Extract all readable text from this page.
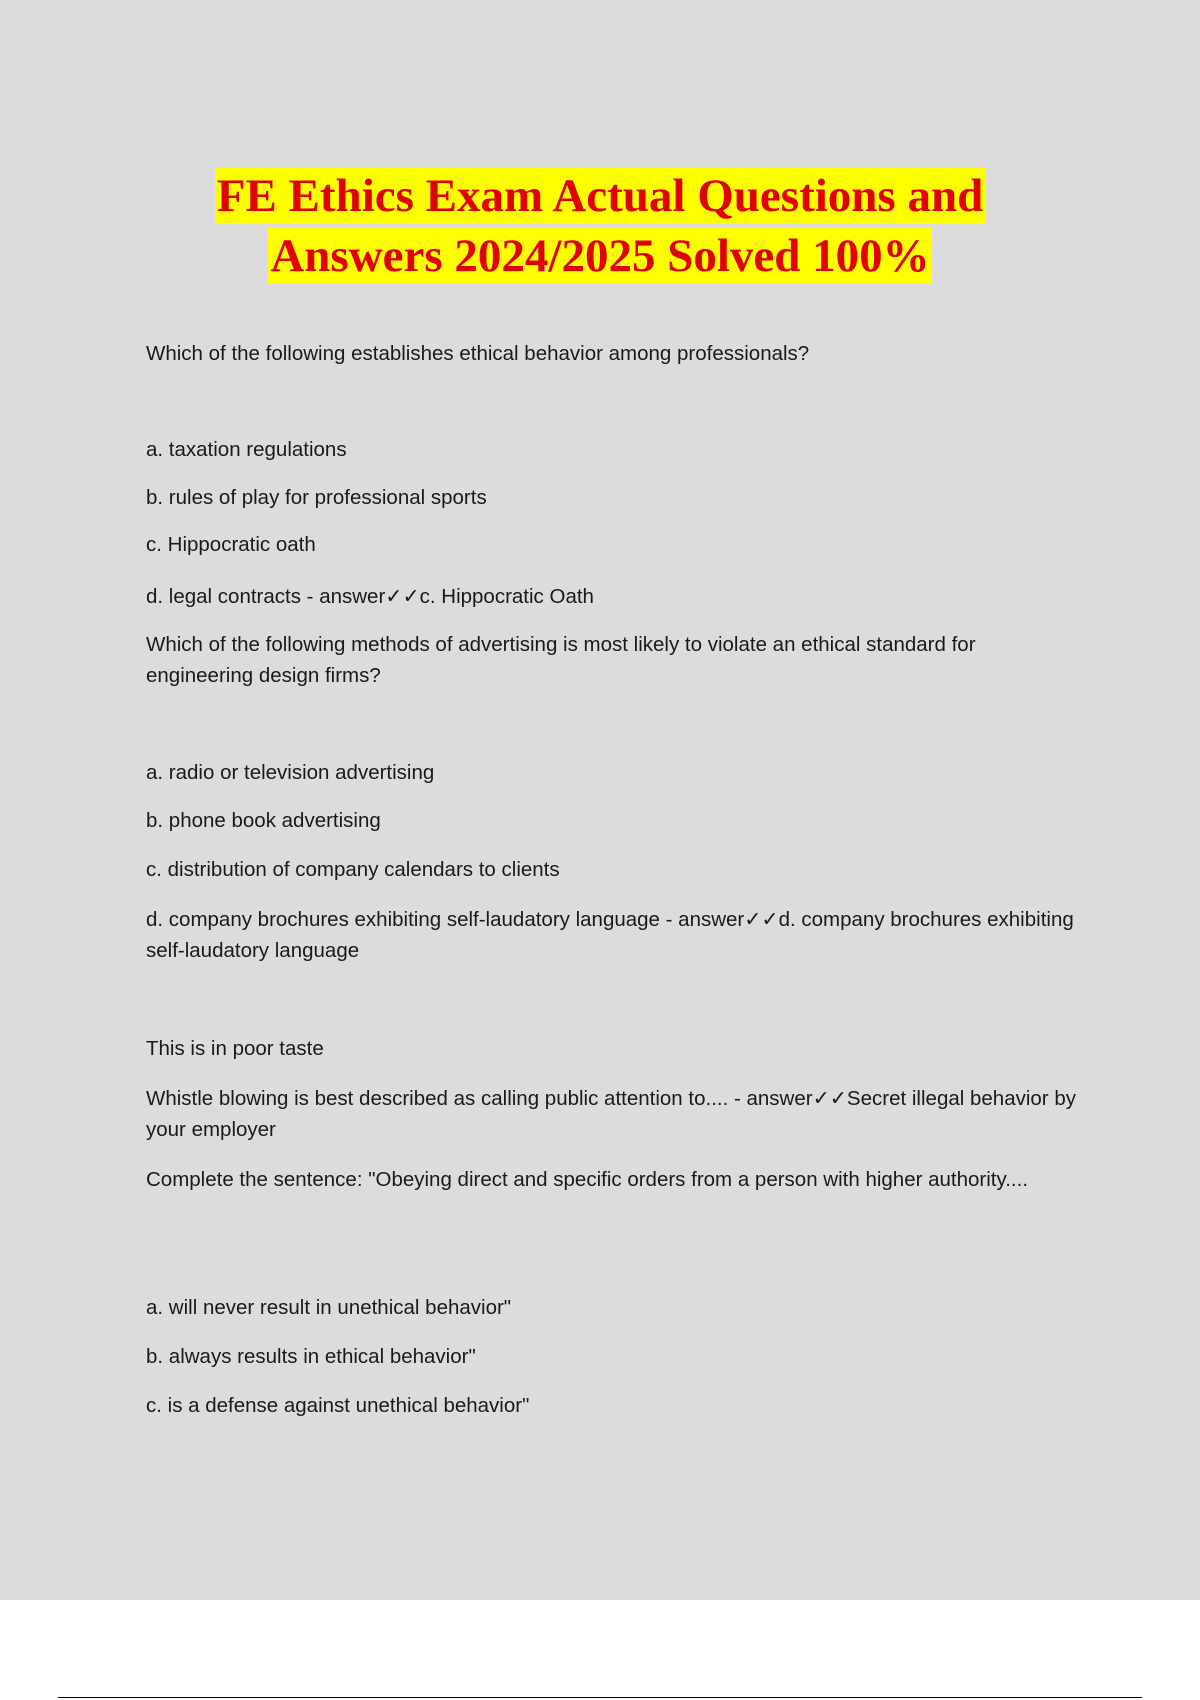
FE Ethics Exam Actual Questions and
Answers 2024/2025 Solved 100%

Which of the following establishes ethical behavior among professionals?

a. taxation regulations

b. rules of play for professional sports

c. Hippocratic oath

d. legal contracts - answer✓✓c. Hippocratic Oath

Which of the following methods of advertising is most likely to violate an ethical standard for engineering design firms?

a. radio or television advertising

b. phone book advertising

c. distribution of company calendars to clients

d. company brochures exhibiting self-laudatory language - answer✓✓d. company brochures exhibiting self-laudatory language

This is in poor taste

Whistle blowing is best described as calling public attention to.... - answer✓✓Secret illegal behavior by your employer

Complete the sentence: "Obeying direct and specific orders from a person with higher authority....

a. will never result in unethical behavior"

b. always results in ethical behavior"

c. is a defense against unethical behavior"
